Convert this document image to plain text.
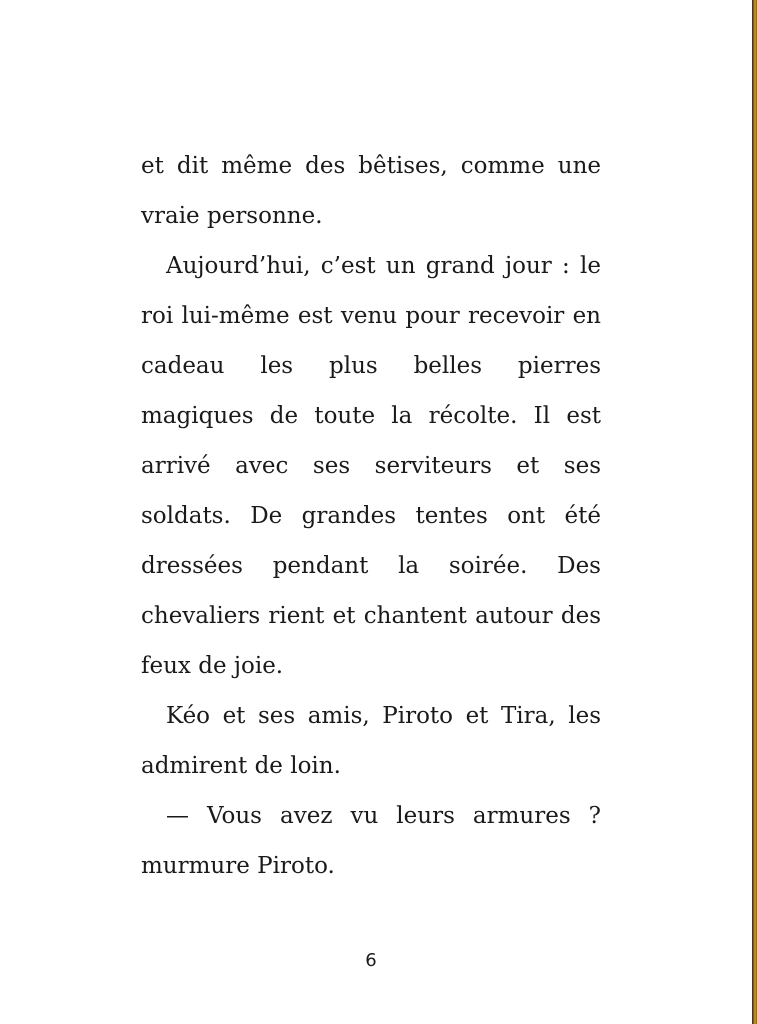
et dit même des bêtises, comme une vraie personne.

Aujourd’hui, c’est un grand jour : le roi lui-même est venu pour recevoir en cadeau les plus belles pierres magiques de toute la récolte. Il est arrivé avec ses serviteurs et ses soldats. De grandes tentes ont été dressées pendant la soirée. Des chevaliers rient et chantent autour des feux de joie.

Kéo et ses amis, Piroto et Tira, les admirent de loin.

— Vous avez vu leurs armures ? murmure Piroto.

6
